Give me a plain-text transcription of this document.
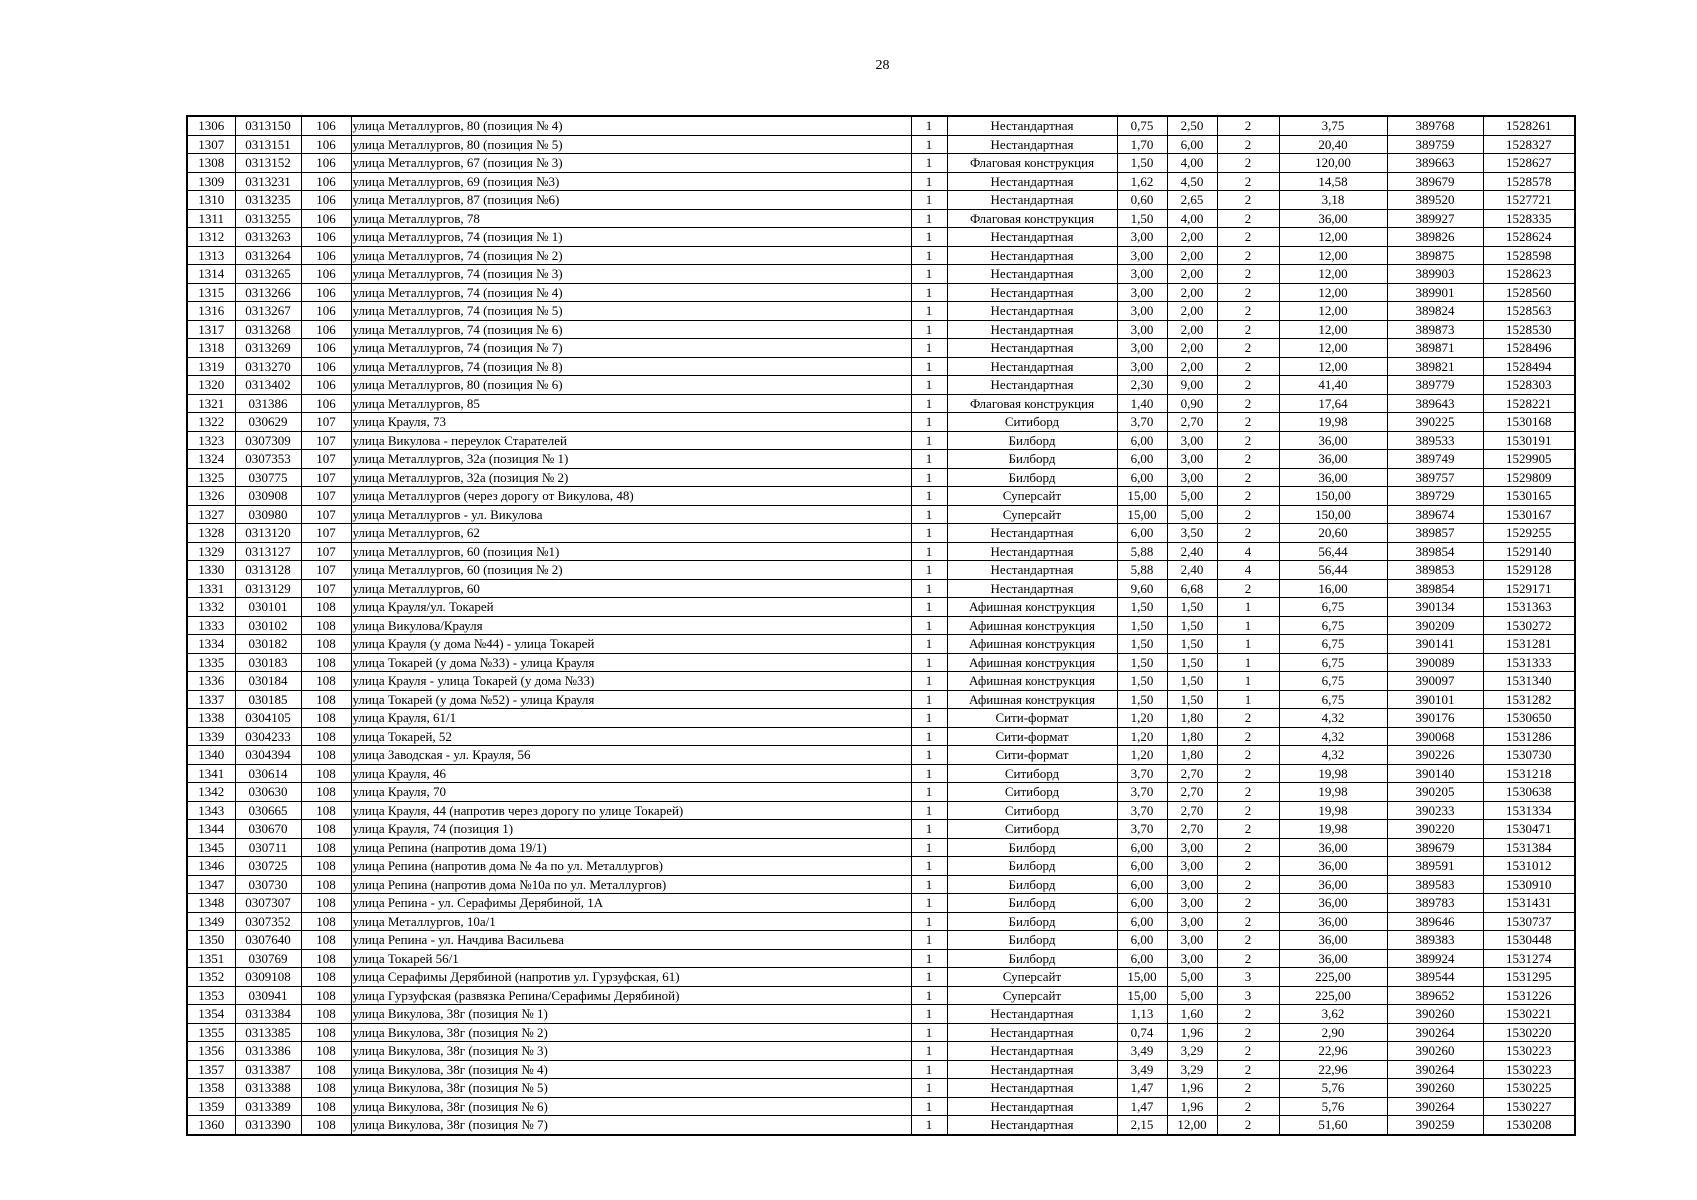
28
1306	0313150	106	улица Металлургов, 80 (позиция № 4)	1	Нестандартная	0,75	2,50	2	3,75	389768	1528261
1307	0313151	106	улица Металлургов, 80 (позиция № 5)	1	Нестандартная	1,70	6,00	2	20,40	389759	1528327
1308	0313152	106	улица Металлургов, 67 (позиция № 3)	1	Флаговая конструкция	1,50	4,00	2	120,00	389663	1528627
1309	0313231	106	улица Металлургов, 69 (позиция №3)	1	Нестандартная	1,62	4,50	2	14,58	389679	1528578
1310	0313235	106	улица Металлургов, 87 (позиция №6)	1	Нестандартная	0,60	2,65	2	3,18	389520	1527721
1311	0313255	106	улица Металлургов, 78	1	Флаговая конструкция	1,50	4,00	2	36,00	389927	1528335
1312	0313263	106	улица Металлургов, 74 (позиция № 1)	1	Нестандартная	3,00	2,00	2	12,00	389826	1528624
1313	0313264	106	улица Металлургов, 74 (позиция № 2)	1	Нестандартная	3,00	2,00	2	12,00	389875	1528598
1314	0313265	106	улица Металлургов, 74 (позиция № 3)	1	Нестандартная	3,00	2,00	2	12,00	389903	1528623
1315	0313266	106	улица Металлургов, 74 (позиция № 4)	1	Нестандартная	3,00	2,00	2	12,00	389901	1528560
1316	0313267	106	улица Металлургов, 74 (позиция № 5)	1	Нестандартная	3,00	2,00	2	12,00	389824	1528563
1317	0313268	106	улица Металлургов, 74 (позиция № 6)	1	Нестандартная	3,00	2,00	2	12,00	389873	1528530
1318	0313269	106	улица Металлургов, 74 (позиция № 7)	1	Нестандартная	3,00	2,00	2	12,00	389871	1528496
1319	0313270	106	улица Металлургов, 74 (позиция № 8)	1	Нестандартная	3,00	2,00	2	12,00	389821	1528494
1320	0313402	106	улица Металлургов, 80 (позиция № 6)	1	Нестандартная	2,30	9,00	2	41,40	389779	1528303
1321	031386	106	улица Металлургов, 85	1	Флаговая конструкция	1,40	0,90	2	17,64	389643	1528221
1322	030629	107	улица Крауля, 73	1	Ситиборд	3,70	2,70	2	19,98	390225	1530168
1323	0307309	107	улица Викулова - переулок Старателей	1	Билборд	6,00	3,00	2	36,00	389533	1530191
1324	0307353	107	улица Металлургов, 32а (позиция № 1)	1	Билборд	6,00	3,00	2	36,00	389749	1529905
1325	030775	107	улица Металлургов, 32а (позиция № 2)	1	Билборд	6,00	3,00	2	36,00	389757	1529809
1326	030908	107	улица Металлургов (через дорогу от Викулова, 48)	1	Суперсайт	15,00	5,00	2	150,00	389729	1530165
1327	030980	107	улица Металлургов - ул. Викулова	1	Суперсайт	15,00	5,00	2	150,00	389674	1530167
1328	0313120	107	улица Металлургов, 62	1	Нестандартная	6,00	3,50	2	20,60	389857	1529255
1329	0313127	107	улица Металлургов, 60 (позиция №1)	1	Нестандартная	5,88	2,40	4	56,44	389854	1529140
1330	0313128	107	улица Металлургов, 60 (позиция № 2)	1	Нестандартная	5,88	2,40	4	56,44	389853	1529128
1331	0313129	107	улица Металлургов, 60	1	Нестандартная	9,60	6,68	2	16,00	389854	1529171
1332	030101	108	улица Крауля/ул. Токарей	1	Афишная конструкция	1,50	1,50	1	6,75	390134	1531363
1333	030102	108	улица Викулова/Крауля	1	Афишная конструкция	1,50	1,50	1	6,75	390209	1530272
1334	030182	108	улица Крауля (у дома №44) - улица Токарей	1	Афишная конструкция	1,50	1,50	1	6,75	390141	1531281
1335	030183	108	улица Токарей (у дома №33) - улица Крауля	1	Афишная конструкция	1,50	1,50	1	6,75	390089	1531333
1336	030184	108	улица Крауля - улица Токарей (у дома №33)	1	Афишная конструкция	1,50	1,50	1	6,75	390097	1531340
1337	030185	108	улица Токарей (у дома №52) - улица Крауля	1	Афишная конструкция	1,50	1,50	1	6,75	390101	1531282
1338	0304105	108	улица Крауля, 61/1	1	Сити-формат	1,20	1,80	2	4,32	390176	1530650
1339	0304233	108	улица Токарей, 52	1	Сити-формат	1,20	1,80	2	4,32	390068	1531286
1340	0304394	108	улица Заводская - ул. Крауля, 56	1	Сити-формат	1,20	1,80	2	4,32	390226	1530730
1341	030614	108	улица Крауля, 46	1	Ситиборд	3,70	2,70	2	19,98	390140	1531218
1342	030630	108	улица Крауля, 70	1	Ситиборд	3,70	2,70	2	19,98	390205	1530638
1343	030665	108	улица Крауля, 44 (напротив через дорогу по улице Токарей)	1	Ситиборд	3,70	2,70	2	19,98	390233	1531334
1344	030670	108	улица Крауля, 74 (позиция 1)	1	Ситиборд	3,70	2,70	2	19,98	390220	1530471
1345	030711	108	улица Репина (напротив дома 19/1)	1	Билборд	6,00	3,00	2	36,00	389679	1531384
1346	030725	108	улица Репина (напротив дома № 4а по ул. Металлургов)	1	Билборд	6,00	3,00	2	36,00	389591	1531012
1347	030730	108	улица Репина (напротив дома №10а по ул. Металлургов)	1	Билборд	6,00	3,00	2	36,00	389583	1530910
1348	0307307	108	улица Репина - ул. Серафимы Дерябиной, 1А	1	Билборд	6,00	3,00	2	36,00	389783	1531431
1349	0307352	108	улица Металлургов, 10а/1	1	Билборд	6,00	3,00	2	36,00	389646	1530737
1350	0307640	108	улица Репина - ул. Начдива Васильева	1	Билборд	6,00	3,00	2	36,00	389383	1530448
1351	030769	108	улица Токарей 56/1	1	Билборд	6,00	3,00	2	36,00	389924	1531274
1352	0309108	108	улица Серафимы Дерябиной (напротив ул. Гурзуфская, 61)	1	Суперсайт	15,00	5,00	3	225,00	389544	1531295
1353	030941	108	улица Гурзуфская (развязка Репина/Серафимы Дерябиной)	1	Суперсайт	15,00	5,00	3	225,00	389652	1531226
1354	0313384	108	улица Викулова, 38г (позиция № 1)	1	Нестандартная	1,13	1,60	2	3,62	390260	1530221
1355	0313385	108	улица Викулова, 38г (позиция № 2)	1	Нестандартная	0,74	1,96	2	2,90	390264	1530220
1356	0313386	108	улица Викулова, 38г (позиция № 3)	1	Нестандартная	3,49	3,29	2	22,96	390260	1530223
1357	0313387	108	улица Викулова, 38г (позиция № 4)	1	Нестандартная	3,49	3,29	2	22,96	390264	1530223
1358	0313388	108	улица Викулова, 38г (позиция № 5)	1	Нестандартная	1,47	1,96	2	5,76	390260	1530225
1359	0313389	108	улица Викулова, 38г (позиция № 6)	1	Нестандартная	1,47	1,96	2	5,76	390264	1530227
1360	0313390	108	улица Викулова, 38г (позиция № 7)	1	Нестандартная	2,15	12,00	2	51,60	390259	1530208
